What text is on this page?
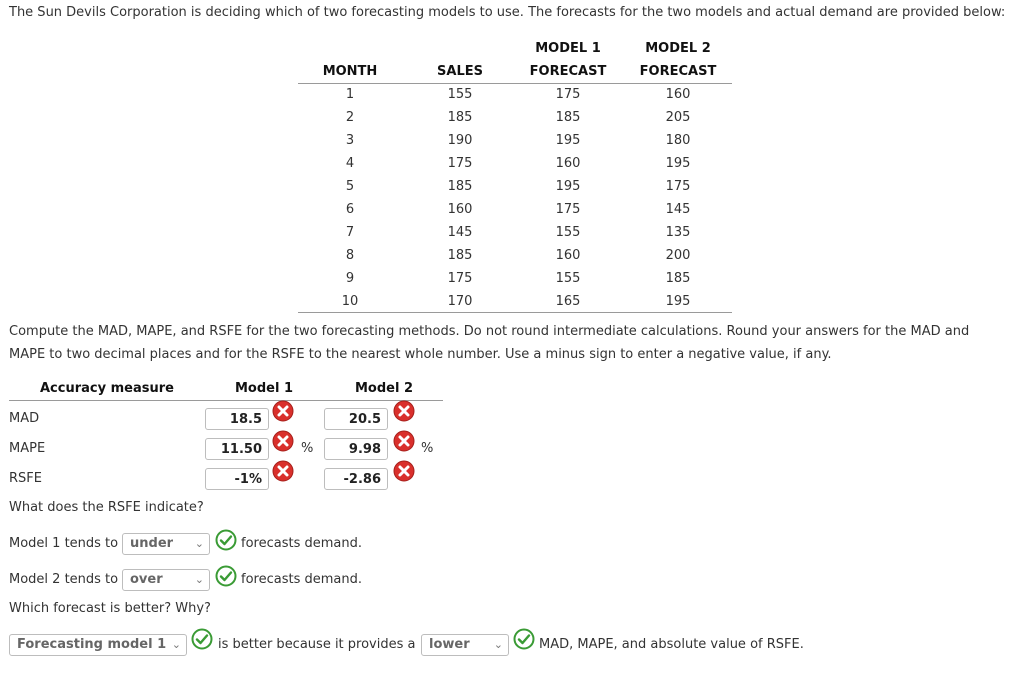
The Sun Devils Corporation is deciding which of two forecasting models to use. The forecasts for the two models and actual demand are provided below:
MODEL 1	MODEL 2
MONTH	SALES	FORECAST	FORECAST
1	155	175	160
2	185	185	205
3	190	195	180
4	175	160	195
5	185	195	175
6	160	175	145
7	145	155	135
8	185	160	200
9	175	155	185
10	170	165	195
Compute the MAD, MAPE, and RSFE for the two forecasting methods. Do not round intermediate calculations. Round your answers for the MAD and MAPE to two decimal places and for the RSFE to the nearest whole number. Use a minus sign to enter a negative value, if any.
Accuracy measure	Model 1	Model 2
MAD	18.5	20.5
MAPE	11.50	%	9.98	%
RSFE	-1%	-2.86
What does the RSFE indicate?
Model 1 tends to under ⌄	forecasts demand.
Model 2 tends to over	⌄	forecasts demand.
Which forecast is better? Why?
Forecasting model 1 ⌄	is better because it provides a	lower ⌄	MAD, MAPE, and absolute value of RSFE.
